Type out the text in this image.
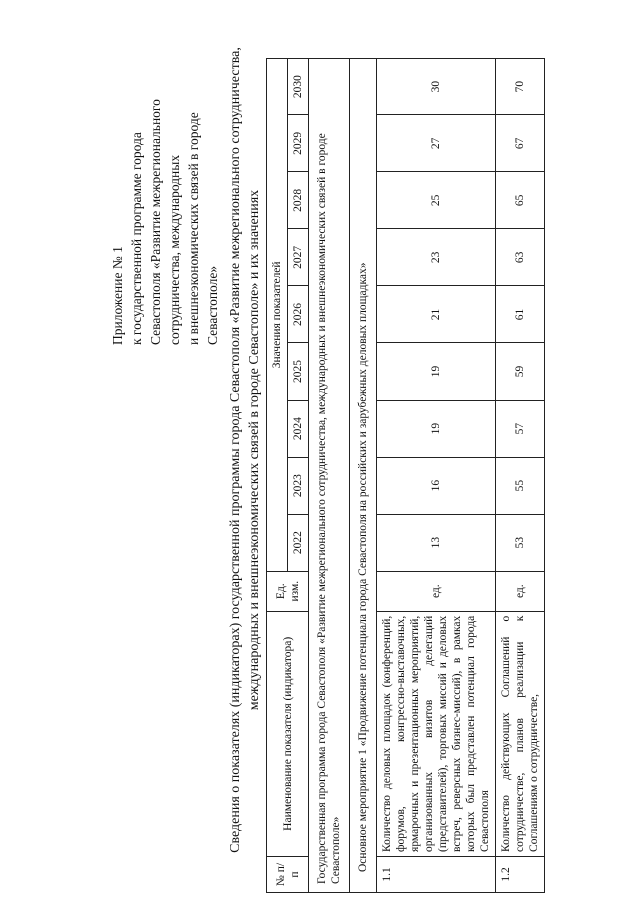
Приложение № 1 к государственной программе города Севастополя «Развитие межрегионального сотрудничества, международных и внешнеэкономических связей в городе Севастополе» Сведения о показателях (индикаторах) государственной программы города Севастополя «Развитие межрегионального сотрудничества, международных и внешнеэкономических связей в городе Севастополе» и их значениях
№ п/п	Наименование показателя (индикатора)	Ед. изм.	Значения показателей								
			2022	2023	2024	2025	2026	2027	2028	2029	2030
Государственная программа города Севастополя «Развитие межрегионального сотрудничества, международных и внешнеэкономических связей в городе Севастополе»											
Основное мероприятие 1 «Продвижение потенциала города Севастополя на российских и зарубежных деловых площадках»											
1.1	Количество деловых площадок (конференций, форумов, конгрессно-выставочных, ярмарочных и презентационных мероприятий, организованных визитов делегаций (представителей), торговых миссий и деловых встреч, реверсных бизнес-миссий), в рамках которых был представлен потенциал города Севастополя	ед.	13	16	19	19	21	23	25	27	30
1.2	Количество действующих Соглашений о сотрудничестве, планов реализации к Соглашениям о сотрудничестве,	ед.	53	55	57	59	61	63	65	67	70
